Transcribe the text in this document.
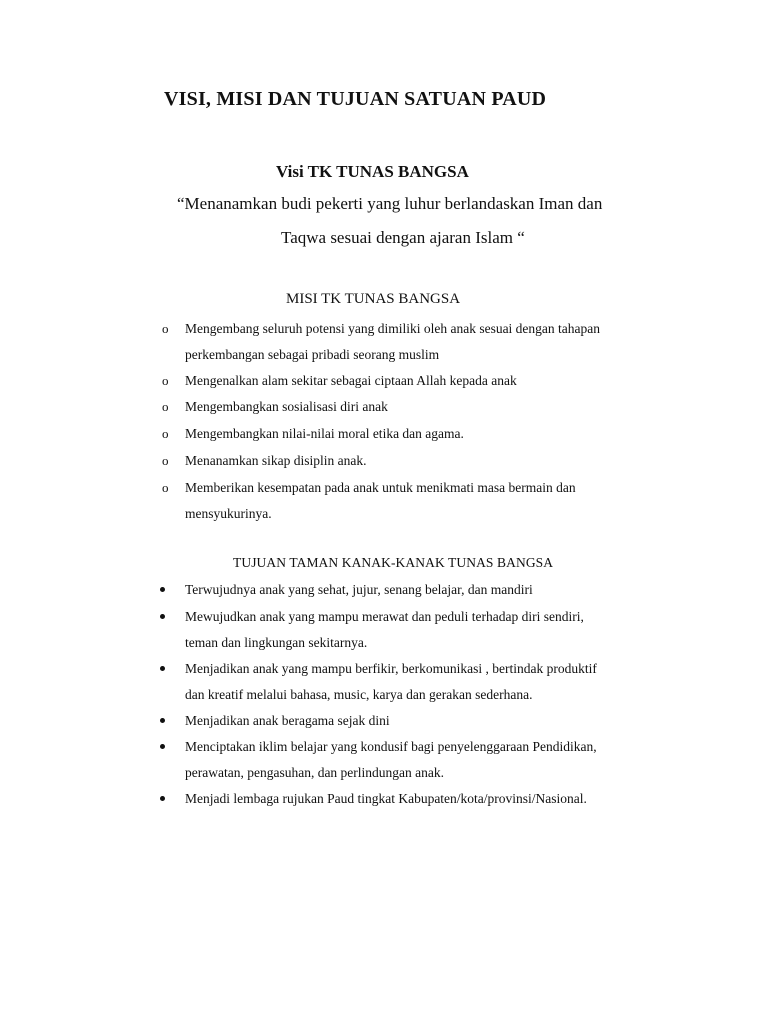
VISI, MISI DAN TUJUAN SATUAN PAUD
Visi TK TUNAS BANGSA
“Menanamkan budi pekerti yang luhur berlandaskan Iman dan
Taqwa sesuai dengan ajaran Islam “
MISI TK TUNAS BANGSA
o Mengembang seluruh potensi yang dimiliki oleh anak sesuai dengan tahapan
perkembangan sebagai pribadi seorang muslim
o Mengenalkan alam sekitar sebagai ciptaan Allah kepada anak
o Mengembangkan sosialisasi diri anak
o Mengembangkan nilai-nilai moral etika dan agama.
o Menanamkan sikap disiplin anak.
o Memberikan kesempatan pada anak untuk menikmati masa bermain dan
mensyukurinya.
TUJUAN TAMAN KANAK-KANAK TUNAS BANGSA
Terwujudnya anak yang sehat, jujur, senang belajar, dan mandiri
Mewujudkan anak yang mampu merawat dan peduli terhadap diri sendiri,
teman dan lingkungan sekitarnya.
Menjadikan anak yang mampu berfikir, berkomunikasi , bertindak produktif
dan kreatif melalui bahasa, music, karya dan gerakan sederhana.
Menjadikan anak beragama sejak dini
Menciptakan iklim belajar yang kondusif bagi penyelenggaraan Pendidikan,
perawatan, pengasuhan, dan perlindungan anak.
Menjadi lembaga rujukan Paud tingkat Kabupaten/kota/provinsi/Nasional.
